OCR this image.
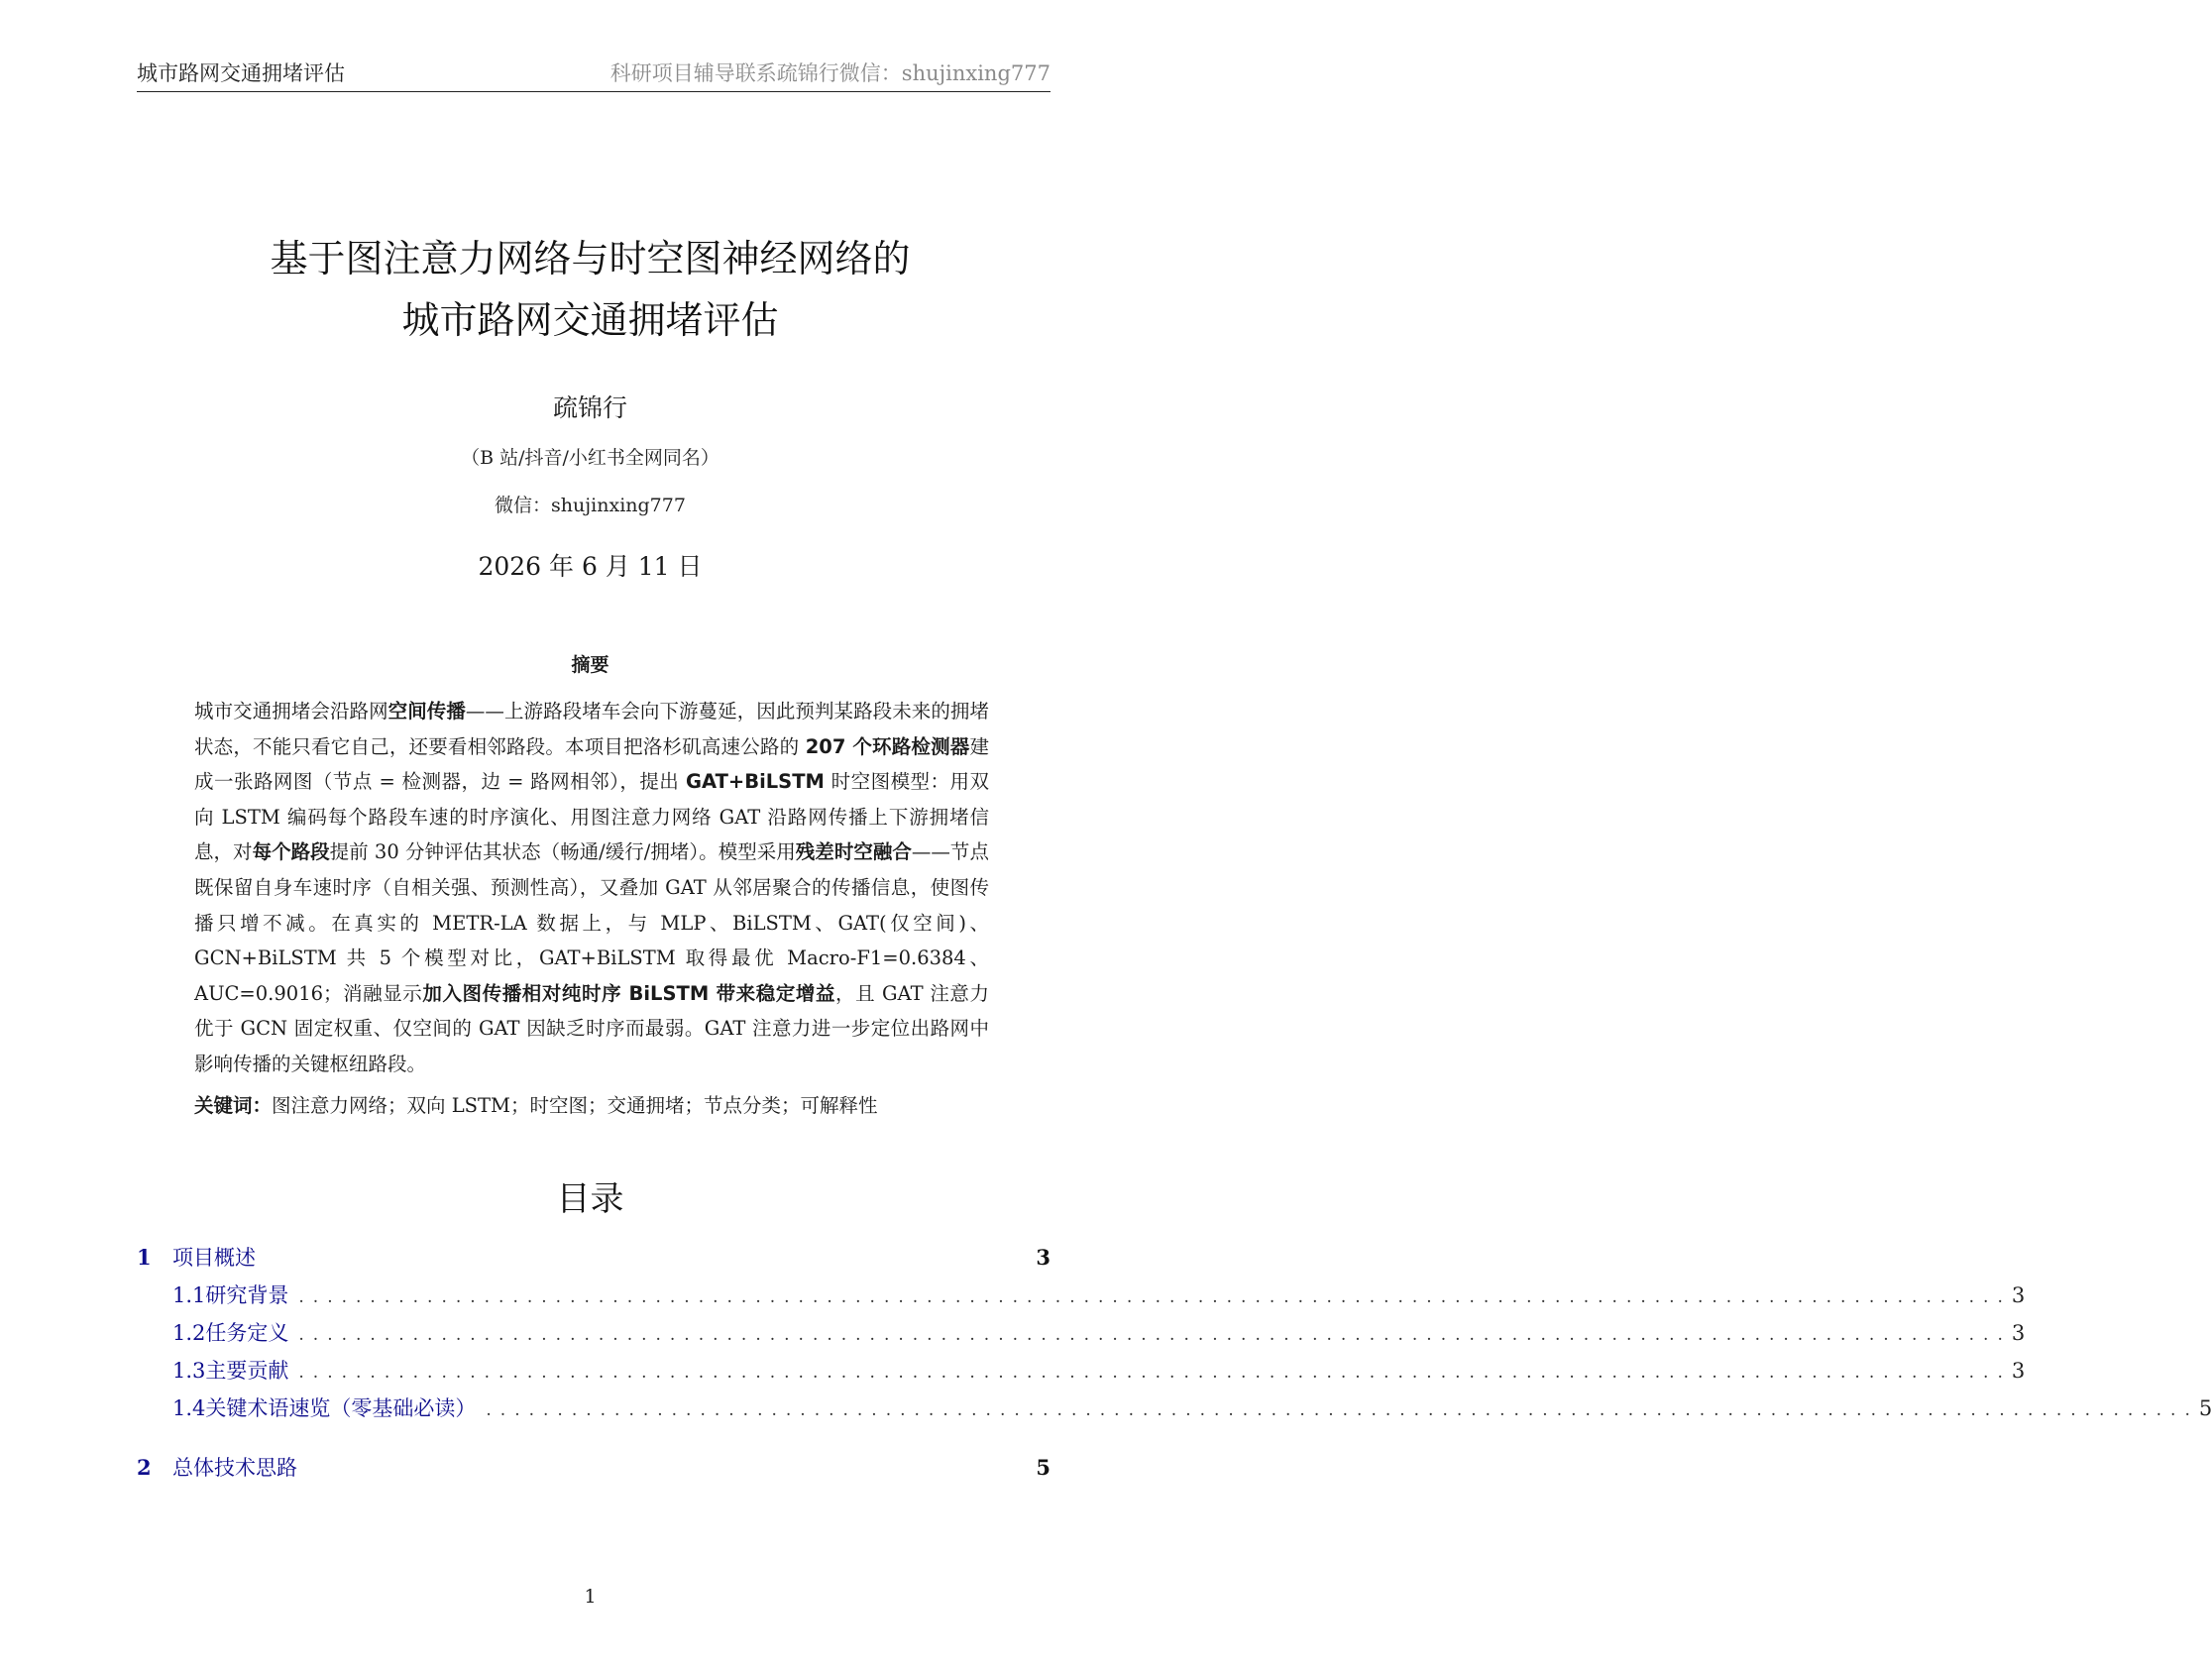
城市路网交通拥堵评估	科研项目辅导联系疏锦行微信：shujinxing777
基于图注意力网络与时空图神经网络的
城市路网交通拥堵评估
疏锦行
（B 站/抖音/小红书全网同名）
微信：shujinxing777
2026 年 6 月 11 日
摘要
城市交通拥堵会沿路网空间传播——上游路段堵车会向下游蔓延，因此预判某路段未来的拥堵状态，不能只看它自己，还要看相邻路段。本项目把洛杉矶高速公路的 207 个环路检测器建成一张路网图（节点 = 检测器，边 = 路网相邻），提出 GAT+BiLSTM 时空图模型：用双向 LSTM 编码每个路段车速的时序演化、用图注意力网络 GAT 沿路网传播上下游拥堵信息，对每个路段提前 30 分钟评估其状态（畅通/缓行/拥堵）。模型采用残差时空融合——节点既保留自身车速时序（自相关强、预测性高），又叠加 GAT 从邻居聚合的传播信息，使图传播只增不减。在真实的 METR-LA 数据上，与 MLP、BiLSTM、GAT(仅空间)、GCN+BiLSTM 共 5 个模型对比，GAT+BiLSTM 取得最优 Macro-F1=0.6384、AUC=0.9016；消融显示加入图传播相对纯时序 BiLSTM 带来稳定增益，且 GAT 注意力优于 GCN 固定权重、仅空间的 GAT 因缺乏时序而最弱。GAT 注意力进一步定位出路网中影响传播的关键枢纽路段。
关键词：图注意力网络；双向 LSTM；时空图；交通拥堵；节点分类；可解释性
目录
1	项目概述	3
1.1 研究背景 ........................................................................................................................ 3
1.2 任务定义 ........................................................................................................................ 3
1.3 主要贡献 ........................................................................................................................ 3
1.4 关键术语速览（零基础必读） ........................................................................................................................ 5
2	总体技术思路	5
1
